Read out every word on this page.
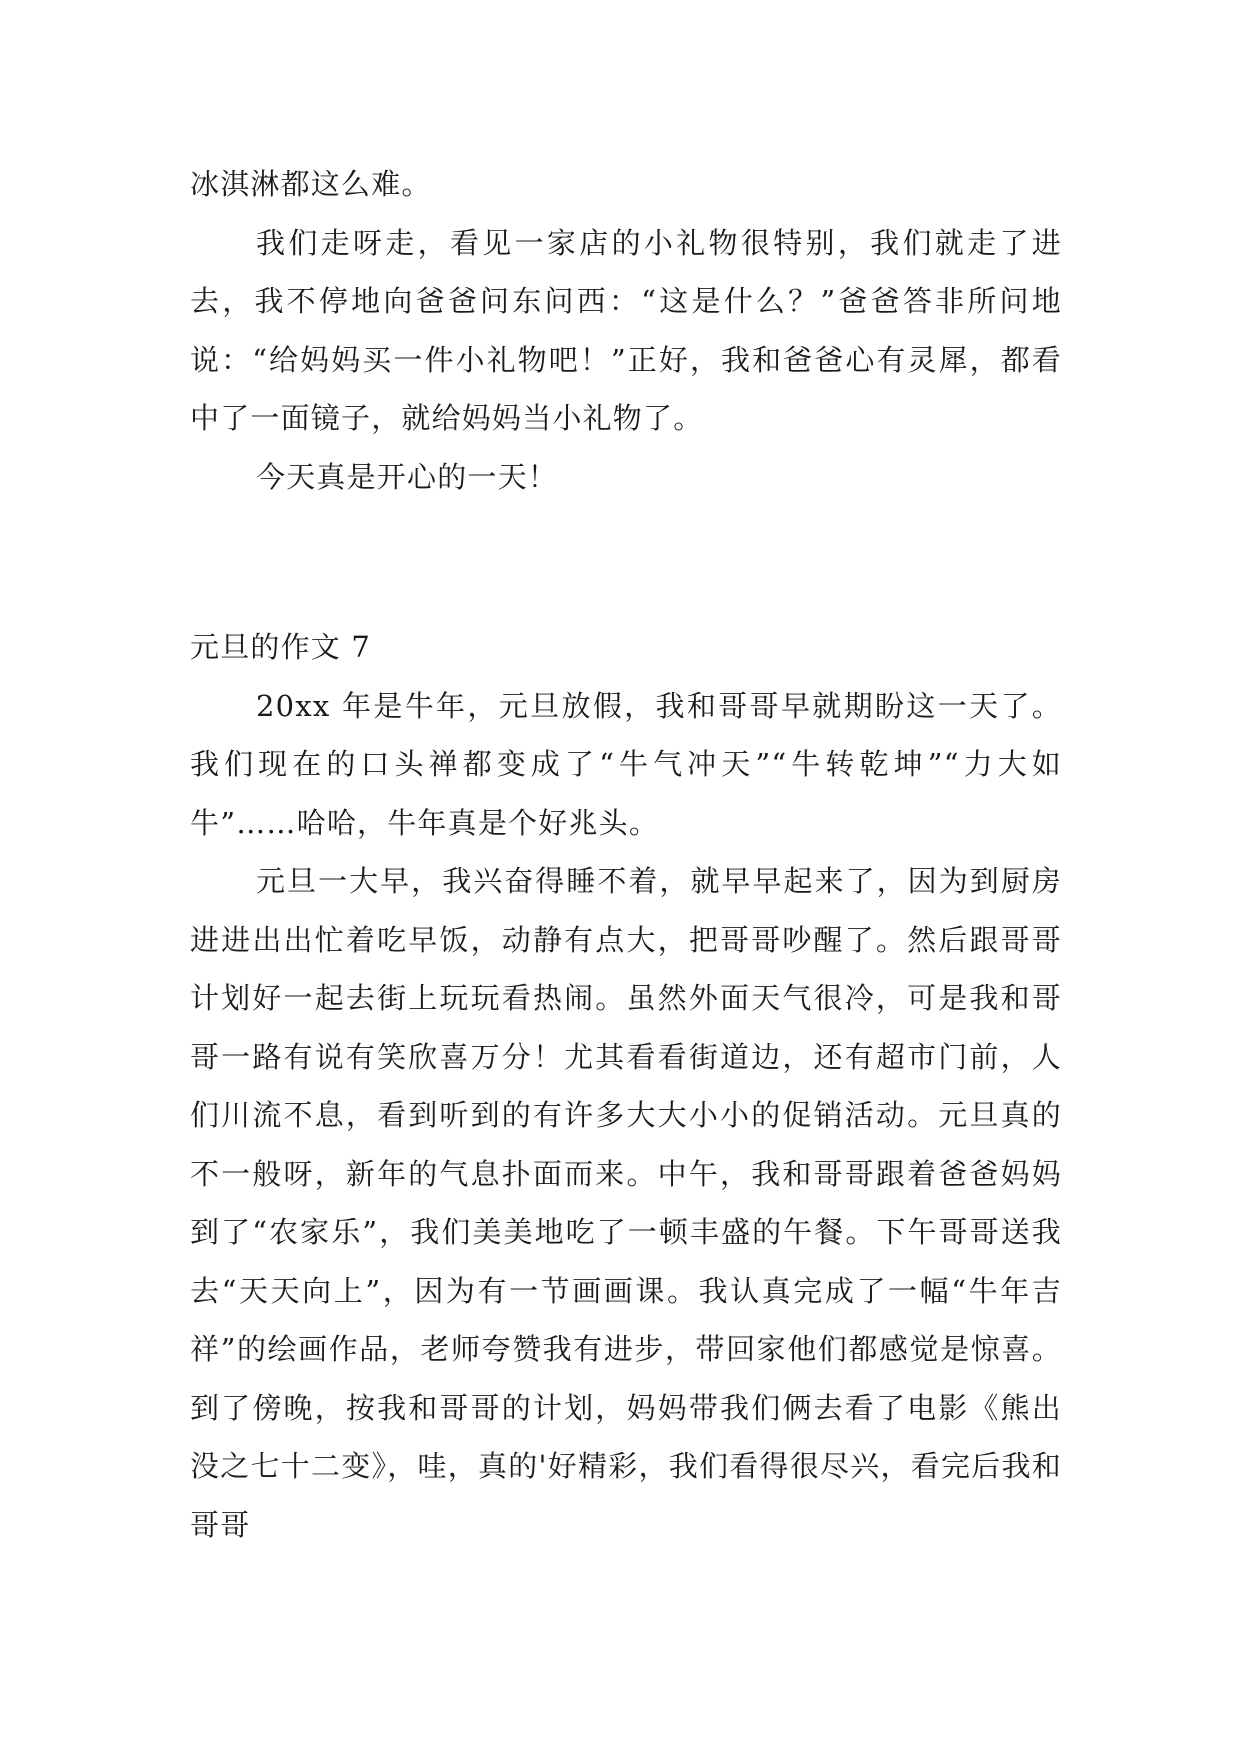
冰淇淋都这么难。

我们走呀走，看见一家店的小礼物很特别，我们就走了进去，我不停地向爸爸问东问西：“这是什么？”爸爸答非所问地说：“给妈妈买一件小礼物吧！”正好，我和爸爸心有灵犀，都看中了一面镜子，就给妈妈当小礼物了。

今天真是开心的一天！

元旦的作文 7

20xx 年是牛年，元旦放假，我和哥哥早就期盼这一天了。我们现在的口头禅都变成了“牛气冲天”“牛转乾坤”“力大如牛”……哈哈，牛年真是个好兆头。

元旦一大早，我兴奋得睡不着，就早早起来了，因为到厨房进进出出忙着吃早饭，动静有点大，把哥哥吵醒了。然后跟哥哥计划好一起去街上玩玩看热闹。虽然外面天气很冷，可是我和哥哥一路有说有笑欣喜万分！尤其看看街道边，还有超市门前，人们川流不息，看到听到的有许多大大小小的促销活动。元旦真的不一般呀，新年的气息扑面而来。中午，我和哥哥跟着爸爸妈妈到了“农家乐”，我们美美地吃了一顿丰盛的午餐。下午哥哥送我去“天天向上”，因为有一节画画课。我认真完成了一幅“牛年吉祥”的绘画作品，老师夸赞我有进步，带回家他们都感觉是惊喜。到了傍晚，按我和哥哥的计划，妈妈带我们俩去看了电影《熊出没之七十二变》，哇，真的'好精彩，我们看得很尽兴，看完后我和哥哥
